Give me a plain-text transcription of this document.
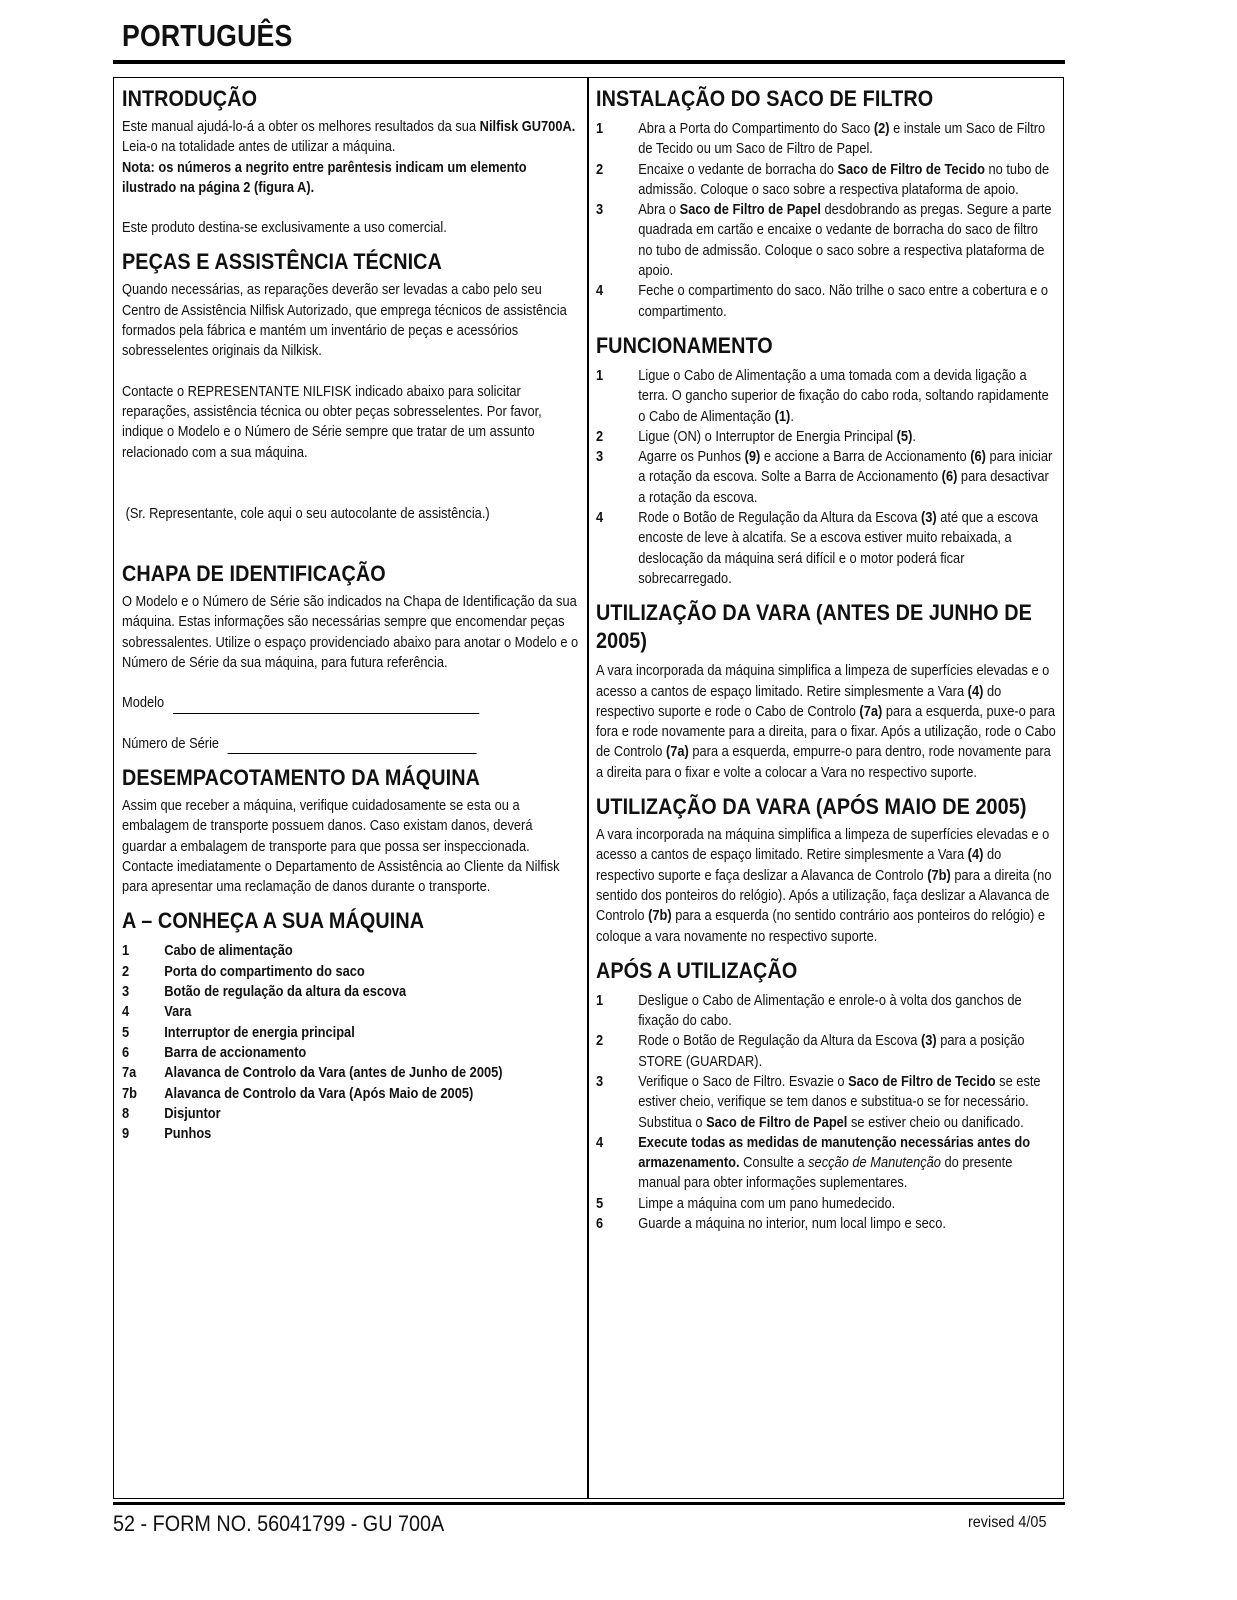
PORTUGUÊS
INTRODUÇÃO

Este manual ajudá-lo-á a obter os melhores resultados da sua Nilfisk GU700A. Leia-o na totalidade antes de utilizar a máquina.

Nota: os números a negrito entre parêntesis indicam um elemento ilustrado na página 2 (figura A).

Este produto destina-se exclusivamente a uso comercial.

PEÇAS E ASSISTÊNCIA TÉCNICA

Quando necessárias, as reparações deverão ser levadas a cabo pelo seu Centro de Assistência Nilfisk Autorizado, que emprega técnicos de assistência formados pela fábrica e mantém um inventário de peças e acessórios sobresselentes originais da Nilkisk.

Contacte o REPRESENTANTE NILFISK indicado abaixo para solicitar reparações, assistência técnica ou obter peças sobresselentes. Por favor, indique o Modelo e o Número de Série sempre que tratar de um assunto relacionado com a sua máquina.

(Sr. Representante, cole aqui o seu autocolante de assistência.)

CHAPA DE IDENTIFICAÇÃO

O Modelo e o Número de Série são indicados na Chapa de Identificação da sua máquina. Estas informações são necessárias sempre que encomendar peças sobressalentes. Utilize o espaço providenciado abaixo para anotar o Modelo e o Número de Série da sua máquina, para futura referência.

Modelo
Número de Série
DESEMPACOTAMENTO DA MÁQUINA

Assim que receber a máquina, verifique cuidadosamente se esta ou a embalagem de transporte possuem danos. Caso existam danos, deverá guardar a embalagem de transporte para que possa ser inspeccionada. Contacte imediatamente o Departamento de Assistência ao Cliente da Nilfisk para apresentar uma reclamação de danos durante o transporte.

A – CONHEÇA A SUA MÁQUINA
1	Cabo de alimentação
2	Porta do compartimento do saco
3	Botão de regulação da altura da escova
4	Vara
5	Interruptor de energia principal
6	Barra de accionamento
7a	Alavanca de Controlo da Vara (antes de Junho de 2005)
7b	Alavanca de Controlo da Vara (Após Maio de 2005)
8	Disjuntor
9	Punhos
INSTALAÇÃO DO SACO DE FILTRO
1	Abra a Porta do Compartimento do Saco (2) e instale um Saco de Filtro de Tecido ou um Saco de Filtro de Papel.
2	Encaixe o vedante de borracha do Saco de Filtro de Tecido no tubo de admissão. Coloque o saco sobre a respectiva plataforma de apoio.
3	Abra o Saco de Filtro de Papel desdobrando as pregas. Segure a parte quadrada em cartão e encaixe o vedante de borracha do saco de filtro no tubo de admissão. Coloque o saco sobre a respectiva plataforma de apoio.
4	Feche o compartimento do saco. Não trilhe o saco entre a cobertura e o compartimento.
FUNCIONAMENTO
1	Ligue o Cabo de Alimentação a uma tomada com a devida ligação a terra. O gancho superior de fixação do cabo roda, soltando rapidamente o Cabo de Alimentação (1).
2	Ligue (ON) o Interruptor de Energia Principal (5).
3	Agarre os Punhos (9) e accione a Barra de Accionamento (6) para iniciar a rotação da escova. Solte a Barra de Accionamento (6) para desactivar a rotação da escova.
4	Rode o Botão de Regulação da Altura da Escova (3) até que a escova encoste de leve à alcatifa. Se a escova estiver muito rebaixada, a deslocação da máquina será difícil e o motor poderá ficar sobrecarregado.
UTILIZAÇÃO DA VARA (ANTES DE JUNHO DE 2005)

A vara incorporada da máquina simplifica a limpeza de superfícies elevadas e o acesso a cantos de espaço limitado. Retire simplesmente a Vara (4) do respectivo suporte e rode o Cabo de Controlo (7a) para a esquerda, puxe-o para fora e rode novamente para a direita, para o fixar. Após a utilização, rode o Cabo de Controlo (7a) para a esquerda, empurre-o para dentro, rode novamente para a direita para o fixar e volte a colocar a Vara no respectivo suporte.

UTILIZAÇÃO DA VARA (APÓS MAIO DE 2005)

A vara incorporada na máquina simplifica a limpeza de superfícies elevadas e o acesso a cantos de espaço limitado. Retire simplesmente a Vara (4) do respectivo suporte e faça deslizar a Alavanca de Controlo (7b) para a direita (no sentido dos ponteiros do relógio). Após a utilização, faça deslizar a Alavanca de Controlo (7b) para a esquerda (no sentido contrário aos ponteiros do relógio) e coloque a vara novamente no respectivo suporte.

APÓS A UTILIZAÇÃO
1	Desligue o Cabo de Alimentação e enrole-o à volta dos ganchos de fixação do cabo.
2	Rode o Botão de Regulação da Altura da Escova (3) para a posição STORE (GUARDAR).
3	Verifique o Saco de Filtro. Esvazie o Saco de Filtro de Tecido se este estiver cheio, verifique se tem danos e substitua-o se for necessário. Substitua o Saco de Filtro de Papel se estiver cheio ou danificado.
4	Execute todas as medidas de manutenção necessárias antes do armazenamento. Consulte a secção de Manutenção do presente manual para obter informações suplementares.
5	Limpe a máquina com um pano humedecido.
6	Guarde a máquina no interior, num local limpo e seco.
52 - FORM NO. 56041799 - GU 700A	revised 4/05
